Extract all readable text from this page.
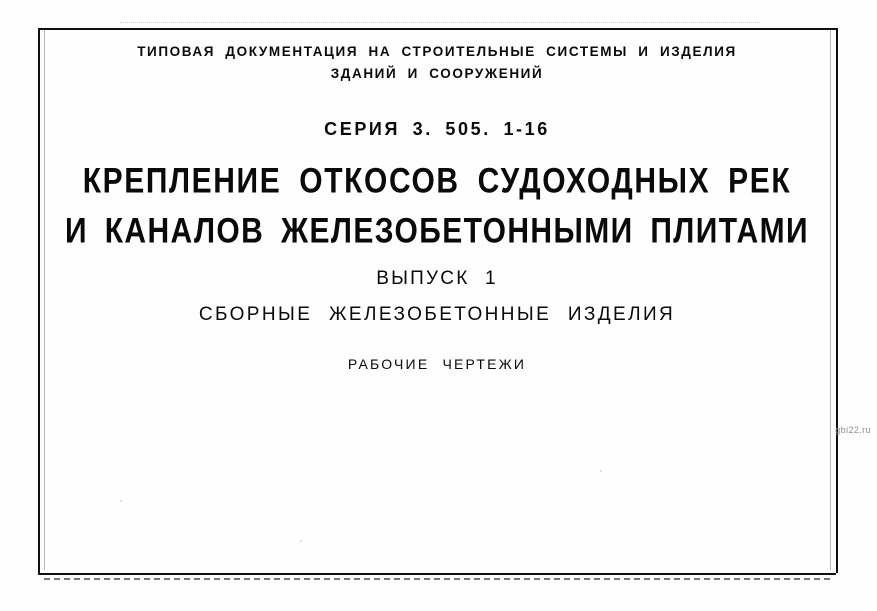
ТИПОВАЯ ДОКУМЕНТАЦИЯ НА СТРОИТЕЛЬНЫЕ СИСТЕМЫ И ИЗДЕЛИЯ
ЗДАНИЙ И СООРУЖЕНИЙ
СЕРИЯ 3. 505. 1-16
КРЕПЛЕНИЕ ОТКОСОВ СУДОХОДНЫХ РЕК
И КАНАЛОВ ЖЕЛЕЗОБЕТОННЫМИ ПЛИТАМИ
ВЫПУСК 1
СБОРНЫЕ ЖЕЛЕЗОБЕТОННЫЕ ИЗДЕЛИЯ
РАБОЧИЕ ЧЕРТЕЖИ
gbi22.ru
